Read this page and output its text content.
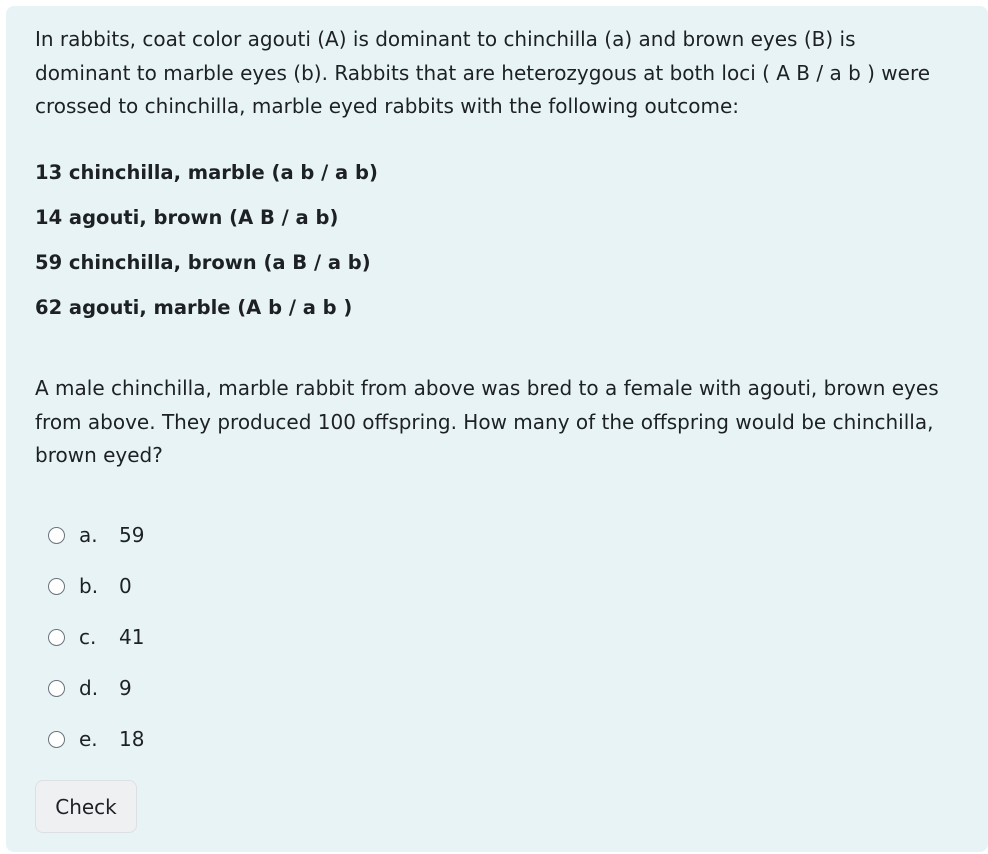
In rabbits, coat color agouti (A) is dominant to chinchilla (a) and brown eyes (B) is dominant to marble eyes (b). Rabbits that are heterozygous at both loci ( A B / a b ) were crossed to chinchilla, marble eyed rabbits with the following outcome:

13 chinchilla, marble (a b / a b)
14 agouti, brown (A B / a b)
59 chinchilla, brown (a B / a b)
62 agouti, marble (A b / a b )

A male chinchilla, marble rabbit from above was bred to a female with agouti, brown eyes from above. They produced 100 offspring. How many of the offspring would be chinchilla, brown eyed?

a.	59
b.	0
c.	41
d.	9
e.	18
Check
